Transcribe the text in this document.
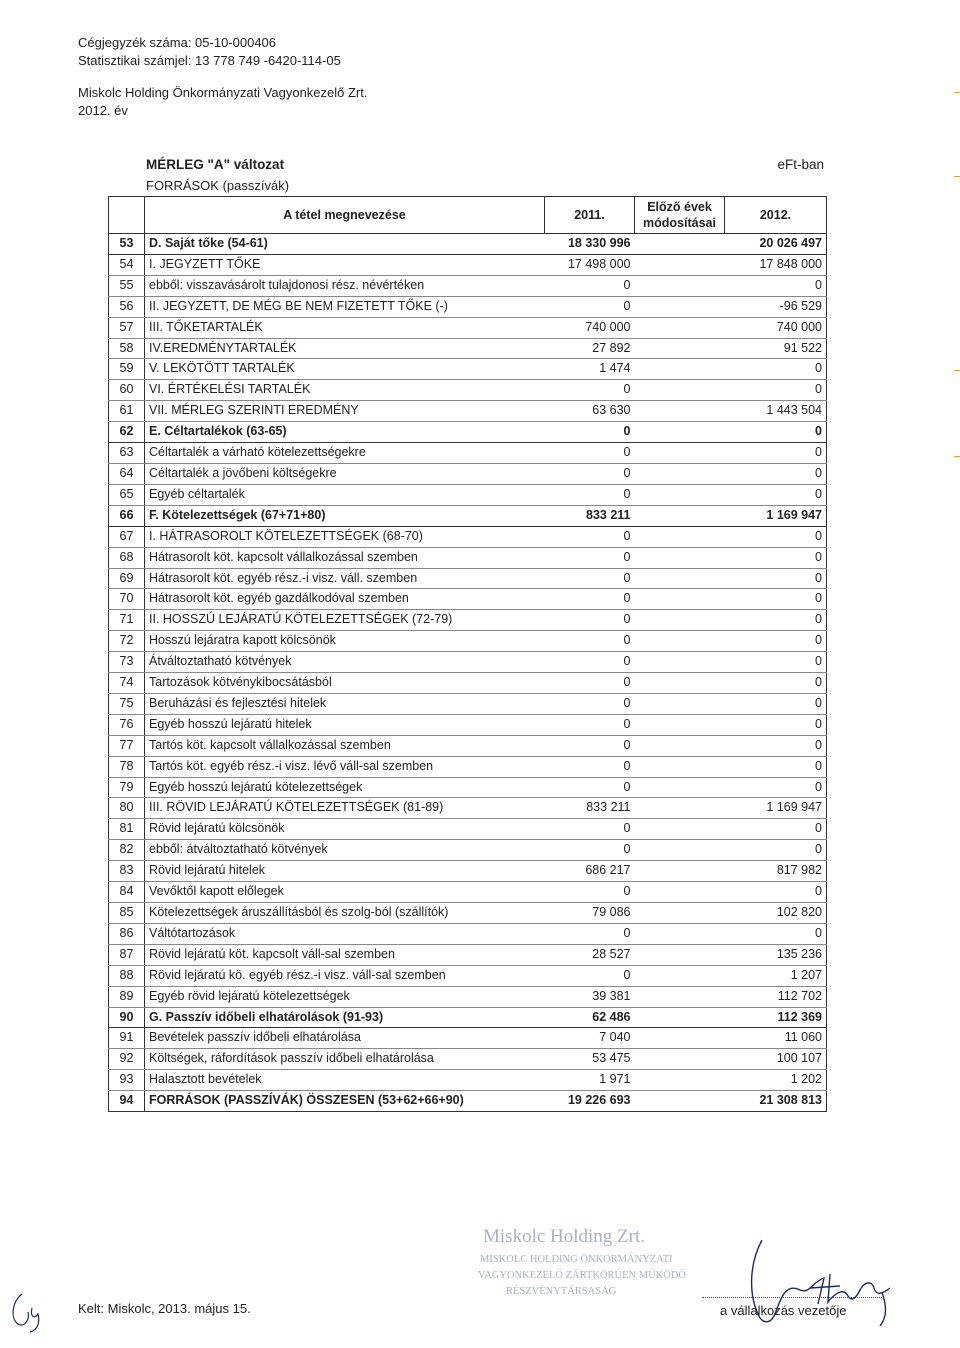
Cégjegyzék száma: 05-10-000406
Statisztikai számjel: 13 778 749 -6420-114-05
Miskolc Holding Önkormányzati Vagyonkezelő Zrt.
2012. év
MÉRLEG "A" változat	eFt-ban
FORRÁSOK (passzívák)
	A tétel megnevezése	2011.	Előző évek
módosításai	2012.
53	D. Saját tőke (54-61)	18 330 996		20 026 497
54	I. JEGYZETT TŐKE	17 498 000		17 848 000
55	ebből: visszavásárolt tulajdonosi rész. névértéken	0		0
56	II. JEGYZETT, DE MÉG BE NEM FIZETETT TŐKE (-)	0		-96 529
57	III. TŐKETARTALÉK	740 000		740 000
58	IV.EREDMÉNYTARTALÉK	27 892		91 522
59	V. LEKÖTÖTT TARTALÉK	1 474		0
60	VI. ÉRTÉKELÉSI TARTALÉK	0		0
61	VII. MÉRLEG SZERINTI EREDMÉNY	63 630		1 443 504
62	E. Céltartalékok (63-65)	0		0
63	Céltartalék a várható kötelezettségekre	0		0
64	Céltartalék a jövőbeni költségekre	0		0
65	Egyéb céltartalék	0		0
66	F. Kötelezettségek (67+71+80)	833 211		1 169 947
67	I. HÁTRASOROLT KÖTELEZETTSÉGEK (68-70)	0		0
68	Hátrasorolt köt. kapcsolt vállalkozással szemben	0		0
69	Hátrasorolt köt. egyéb rész.-i visz. váll. szemben	0		0
70	Hátrasorolt köt. egyéb gazdálkodóval szemben	0		0
71	II. HOSSZÚ LEJÁRATÚ KÖTELEZETTSÉGEK (72-79)	0		0
72	Hosszú lejáratra kapott kölcsönök	0		0
73	Átváltoztatható kötvények	0		0
74	Tartozások kötvénykibocsátásból	0		0
75	Beruházási és fejlesztési hitelek	0		0
76	Egyéb hosszú lejáratú hitelek	0		0
77	Tartós köt. kapcsolt vállalkozással szemben	0		0
78	Tartós köt. egyéb rész.-i visz. lévő váll-sal szemben	0		0
79	Egyéb hosszú lejáratú kötelezettségek	0		0
80	III. RÖVID LEJÁRATÚ KÖTELEZETTSÉGEK (81-89)	833 211		1 169 947
81	Rövid lejáratú kölcsönök	0		0
82	ebből: átváltoztatható kötvények	0		0
83	Rövid lejáratú hitelek	686 217		817 982
84	Vevőktől kapott előlegek	0		0
85	Kötelezettségek áruszállításból és szolg-ból (szállítók)	79 086		102 820
86	Váltótartozások	0		0
87	Rövid lejáratú köt. kapcsolt váll-sal szemben	28 527		135 236
88	Rövid lejáratú kö. egyéb rész.-i visz. váll-sal szemben	0		1 207
89	Egyéb rövid lejáratú kötelezettségek	39 381		112 702
90	G. Passzív időbeli elhatárolások (91-93)	62 486		112 369
91	Bevételek passzív időbeli elhatárolása	7 040		11 060
92	Költségek, ráfordítások passzív időbeli elhatárolása	53 475		100 107
93	Halasztott bevételek	1 971		1 202
94	FORRÁSOK (PASSZÍVÁK) ÖSSZESEN (53+62+66+90)	19 226 693		21 308 813
Miskolc Holding Zrt.
MISKOLC HOLDING ÖNKORMÁNYZATI
VAGYONKEZELŐ ZÁRTKÖRŰEN MŰKÖDŐ
RÉSZVÉNYTÁRSASÁG
Kelt: Miskolc, 2013. május 15.	a vállalkozás vezetője
